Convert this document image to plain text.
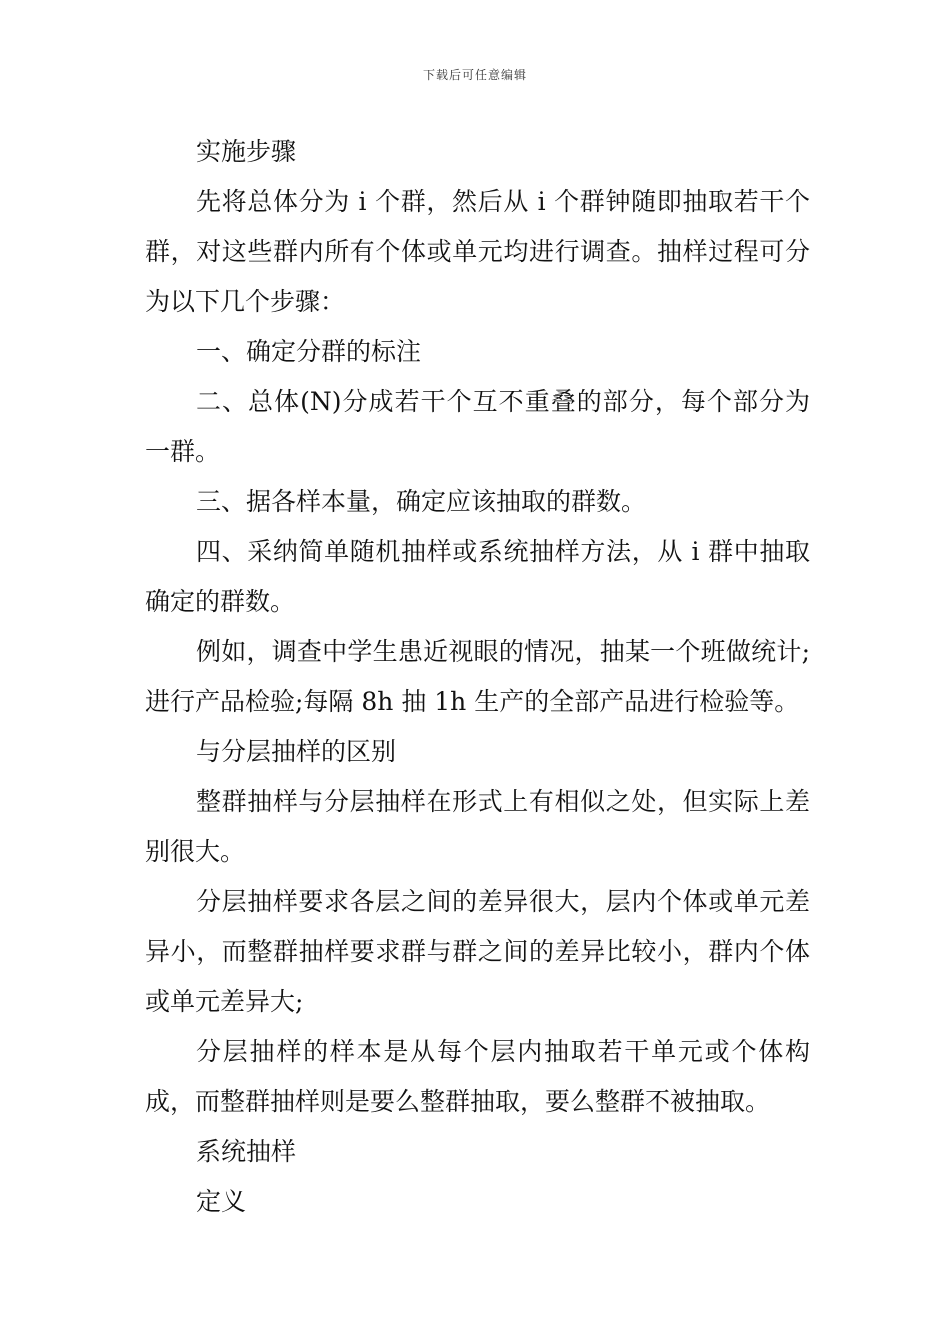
下载后可任意编辑

实施步骤

先将总体分为 i 个群，然后从 i 个群钟随即抽取若干个群，对这些群内所有个体或单元均进行调查。抽样过程可分为以下几个步骤：

一、确定分群的标注

二、总体(N)分成若干个互不重叠的部分，每个部分为一群。

三、据各样本量，确定应该抽取的群数。

四、采纳简单随机抽样或系统抽样方法，从 i 群中抽取确定的群数。

例如，调查中学生患近视眼的情况，抽某一个班做统计;进行产品检验;每隔 8h 抽 1h 生产的全部产品进行检验等。

与分层抽样的区别

整群抽样与分层抽样在形式上有相似之处，但实际上差别很大。

分层抽样要求各层之间的差异很大，层内个体或单元差异小，而整群抽样要求群与群之间的差异比较小，群内个体或单元差异大;

分层抽样的样本是从每个层内抽取若干单元或个体构成，而整群抽样则是要么整群抽取，要么整群不被抽取。

系统抽样

定义
